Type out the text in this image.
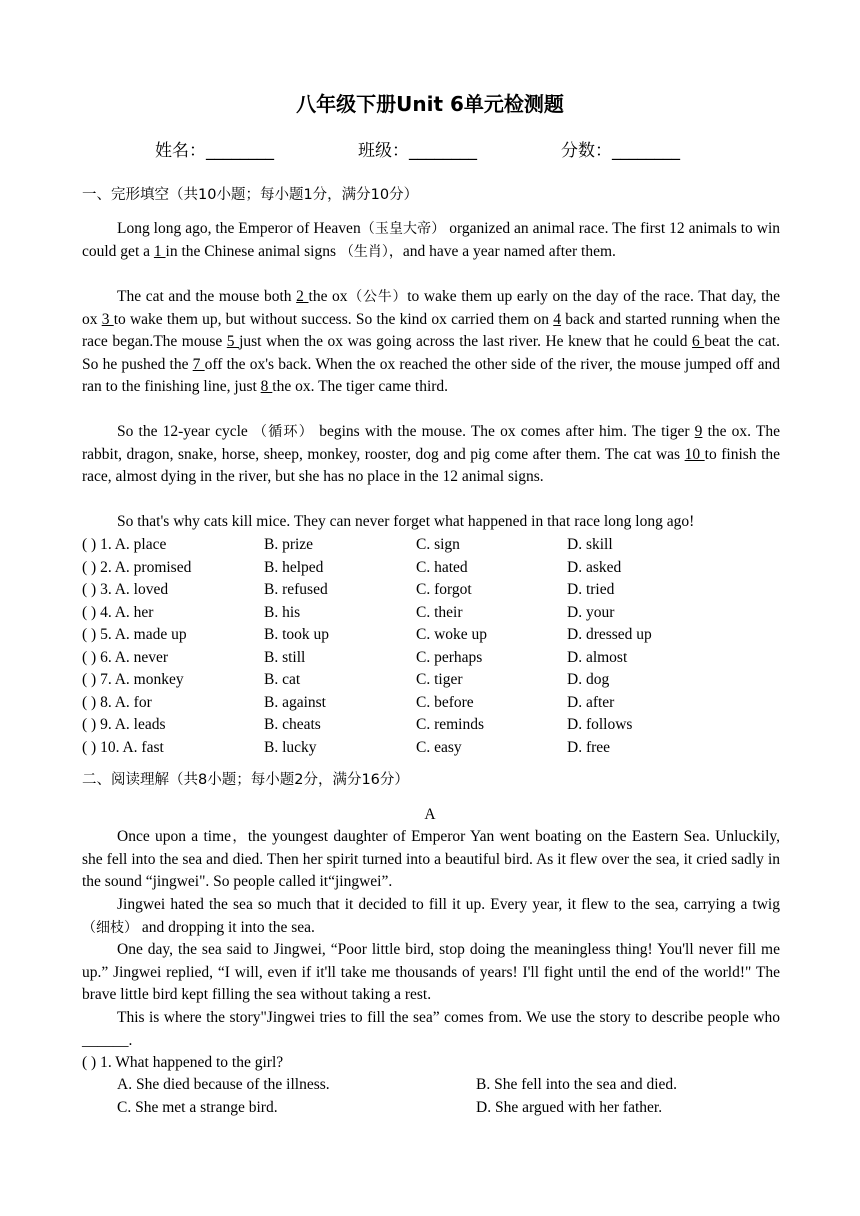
八年级下册Unit 6单元检测题
姓名：________	班级：________	分数：________
一、完形填空（共10小题；每小题1分，满分10分）
Long long ago, the Emperor of Heaven（玉皇大帝） organized an animal race. The first 12 animals to win could get a 1 in the Chinese animal signs （生肖），and have a year named after them.
The cat and the mouse both 2 the ox（公牛）to wake them up early on the day of the race. That day, the ox 3 to wake them up, but without success. So the kind ox carried them on 4 back and started running when the race began.The mouse 5 just when the ox was going across the last river. He knew that he could 6 beat the cat. So he pushed the 7 off the ox's back. When the ox reached the other side of the river, the mouse jumped off and ran to the finishing line, just 8 the ox. The tiger came third.
So the 12-year cycle （循环） begins with the mouse. The ox comes after him. The tiger 9 the ox. The rabbit, dragon, snake, horse, sheep, monkey, rooster, dog and pig come after them. The cat was 10 to finish the race, almost dying in the river, but she has no place in the 12 animal signs.
So that's why cats kill mice. They can never forget what happened in that race long long ago!
( ) 1. A. place	B. prize	C. sign	D. skill
( ) 2. A. promised	B. helped	C. hated	D. asked
( ) 3. A. loved	B. refused	C. forgot	D. tried
( ) 4. A. her	B. his	C. their	D. your
( ) 5. A. made up	B. took up	C. woke up	D. dressed up
( ) 6. A. never	B. still	C. perhaps	D. almost
( ) 7. A. monkey	B. cat	C. tiger	D. dog
( ) 8. A. for	B. against	C. before	D. after
( ) 9. A. leads	B. cheats	C. reminds	D. follows
( ) 10. A. fast	B. lucky	C. easy	D. free
二、阅读理解（共8小题；每小题2分，满分16分）
A
Once upon a time，the youngest daughter of Emperor Yan went boating on the Eastern Sea. Unluckily, she fell into the sea and died. Then her spirit turned into a beautiful bird. As it flew over the sea, it cried sadly in the sound “jingwei". So people called it“jingwei”.
Jingwei hated the sea so much that it decided to fill it up. Every year, it flew to the sea, carrying a twig （细枝） and dropping it into the sea.
One day, the sea said to Jingwei, “Poor little bird, stop doing the meaningless thing! You'll never fill me up.” Jingwei replied, “I will, even if it'll take me thousands of years! I'll fight until the end of the world!" The brave little bird kept filling the sea without taking a rest.
This is where the story"Jingwei tries to fill the sea” comes from. We use the story to describe people who ______.
( ) 1. What happened to the girl?
A. She died because of the illness.	B. She fell into the sea and died.
C. She met a strange bird.	D. She argued with her father.
